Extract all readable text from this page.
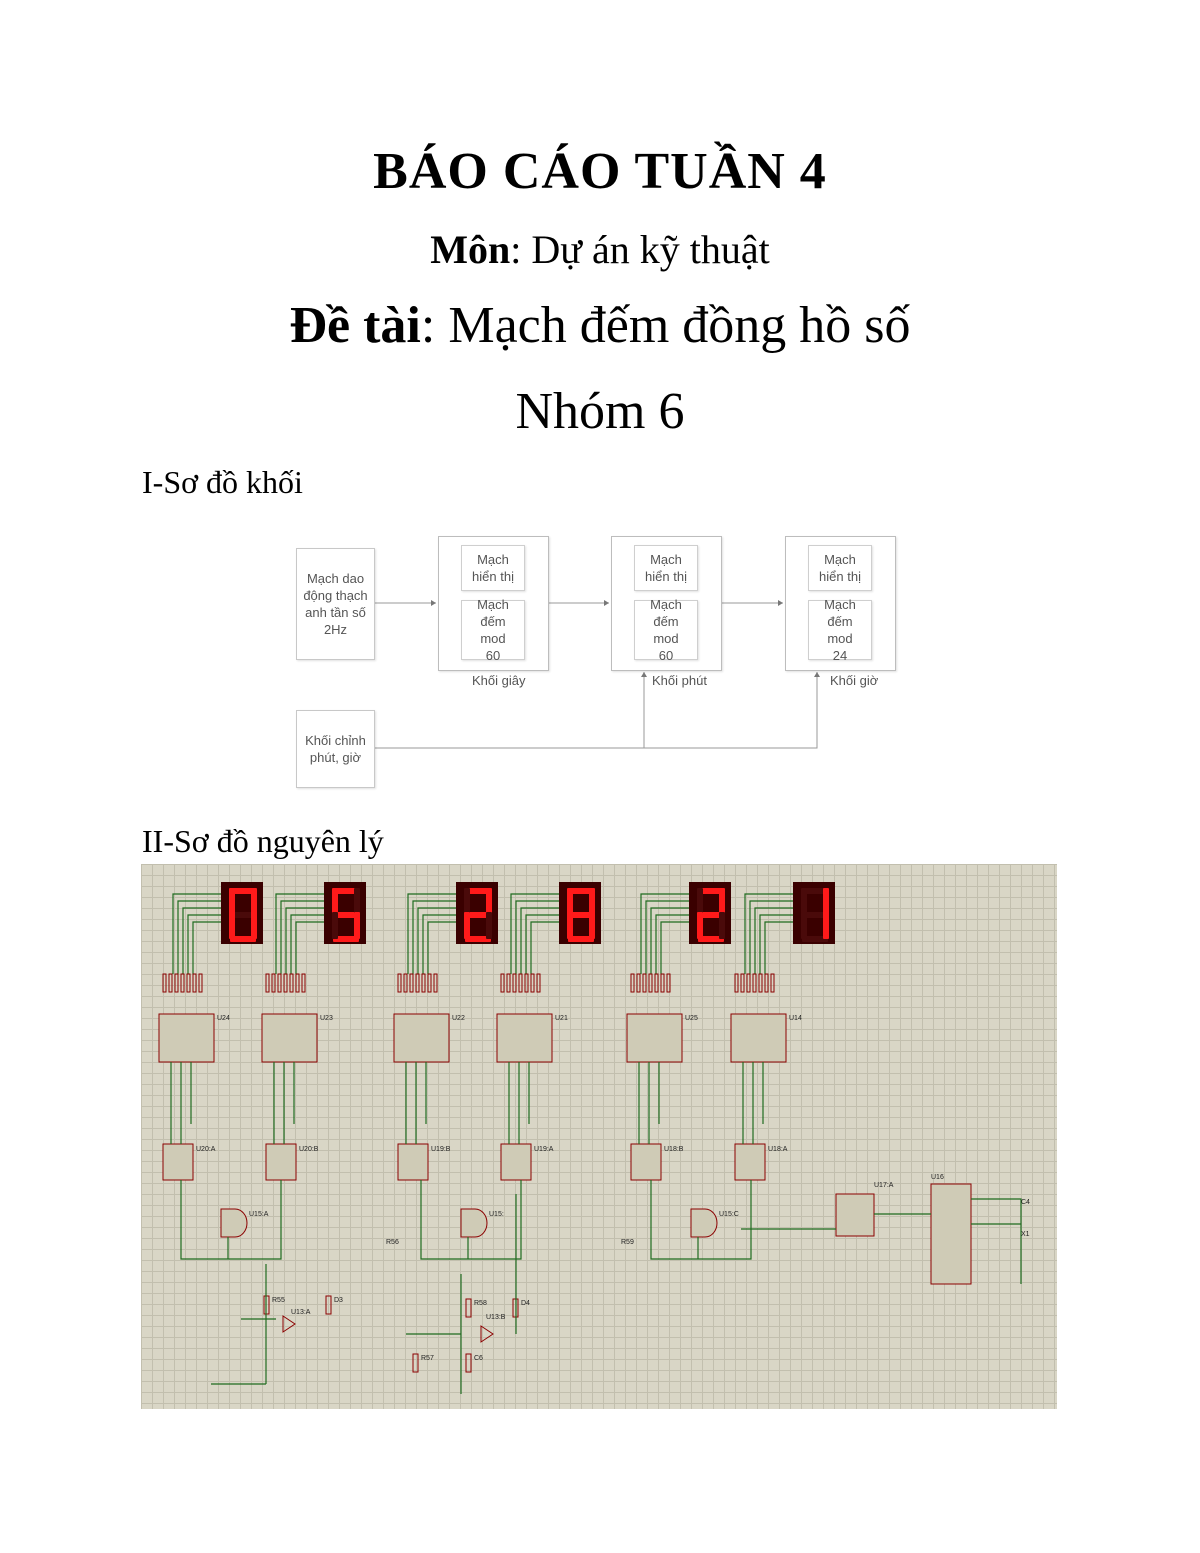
BÁO CÁO TUẦN 4
Môn: Dự án kỹ thuật
Đề tài: Mạch đếm đồng hồ số
Nhóm 6
I-Sơ đồ khối
Mạch dao động thạch anh tần số 2Hz
Khối chỉnh phút, giờ
Mạch hiển thị
Mạch đếm mod 60
Khối giây
Mạch hiển thị
Mạch đếm mod 60
Khối phút
Mạch hiển thị
Mạch đếm mod 24
Khối giờ
II-Sơ đồ nguyên lý
U24
U20:A
U23
U20:B
U22
U19:B
U21
U19:A
U25
U18:B
U14
U18:A
U15:A	U15:	U15:C
U17:A
U16
C4
X1
R55	D3	R58	D4
C6
R57
U13:A
U13:B
R59
R56
